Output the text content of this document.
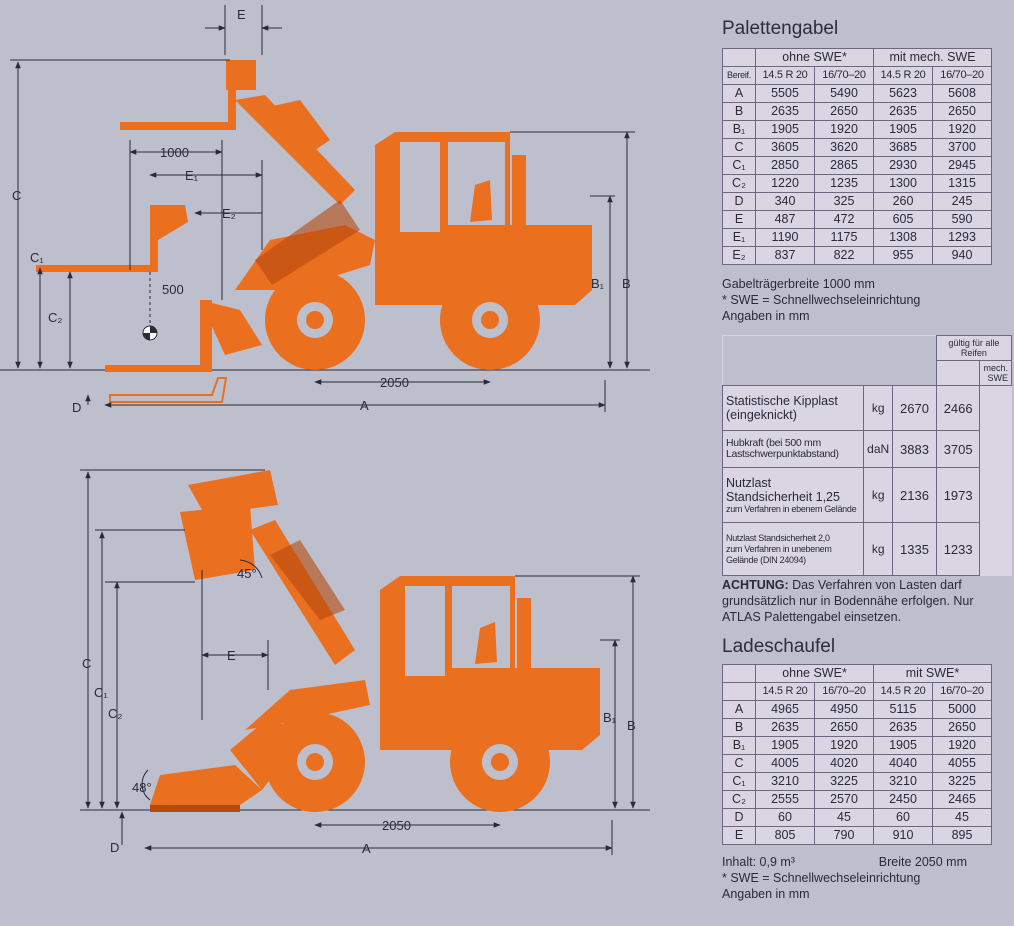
E
1000
E₁
E₂
C
C₁
C₂
500
D
2050
A
B₁ B
E
C
C₁
C₂
45°
48°
D
2050
A
B₁
B
Palettengabel
	ohne SWE*		mit mech. SWE	
Bereif.	14.5 R 20	16/70–20	14.5 R 20	16/70–20
A	5505	5490	5623	5608
B	2635	2650	2635	2650
B₁	1905	1920	1905	1920
C	3605	3620	3685	3700
C₁	2850	2865	2930	2945
C₂	1220	1235	1300	1315
D	340	325	260	245
E	487	472	605	590
E₁	1190	1175	1308	1293
E₂	837	822	955	940
Gabelträgerbreite 1000 mm
* SWE = Schnellwechseleinrichtung
Angaben in mm
			gültig für alle Reifen	
				mech. SWE

Statistische Kipplast
(eingeknickt)	kg	2670	2466	

Hubkraft (bei 500 mm
Lastschwerpunktabstand)	daN	3883	3705	

Nutzlast
Standsicherheit 1,25
zum Verfahren in ebenem Gelände	kg	2136	1973	

Nutzlast Standsicherheit 2,0
zum Verfahren in unebenem
Gelände (DIN 24094)	kg	1335	1233	
ACHTUNG: Das Verfahren von Lasten darf grundsätzlich nur in Bodennähe erfolgen. Nur ATLAS Palettengabel einsetzen.
Ladeschaufel
	ohne SWE*		mit SWE*	
	14.5 R 20	16/70–20	14.5 R 20	16/70–20
A	4965	4950	5115	5000
B	2635	2650	2635	2650
B₁	1905	1920	1905	1920
C	4005	4020	4040	4055
C₁	3210	3225	3210	3225
C₂	2555	2570	2450	2465
D	60	45	60	45
E	805	790	910	895
Inhalt: 0,9 m³	Breite 2050 mm
* SWE = Schnellwechseleinrichtung
Angaben in mm
